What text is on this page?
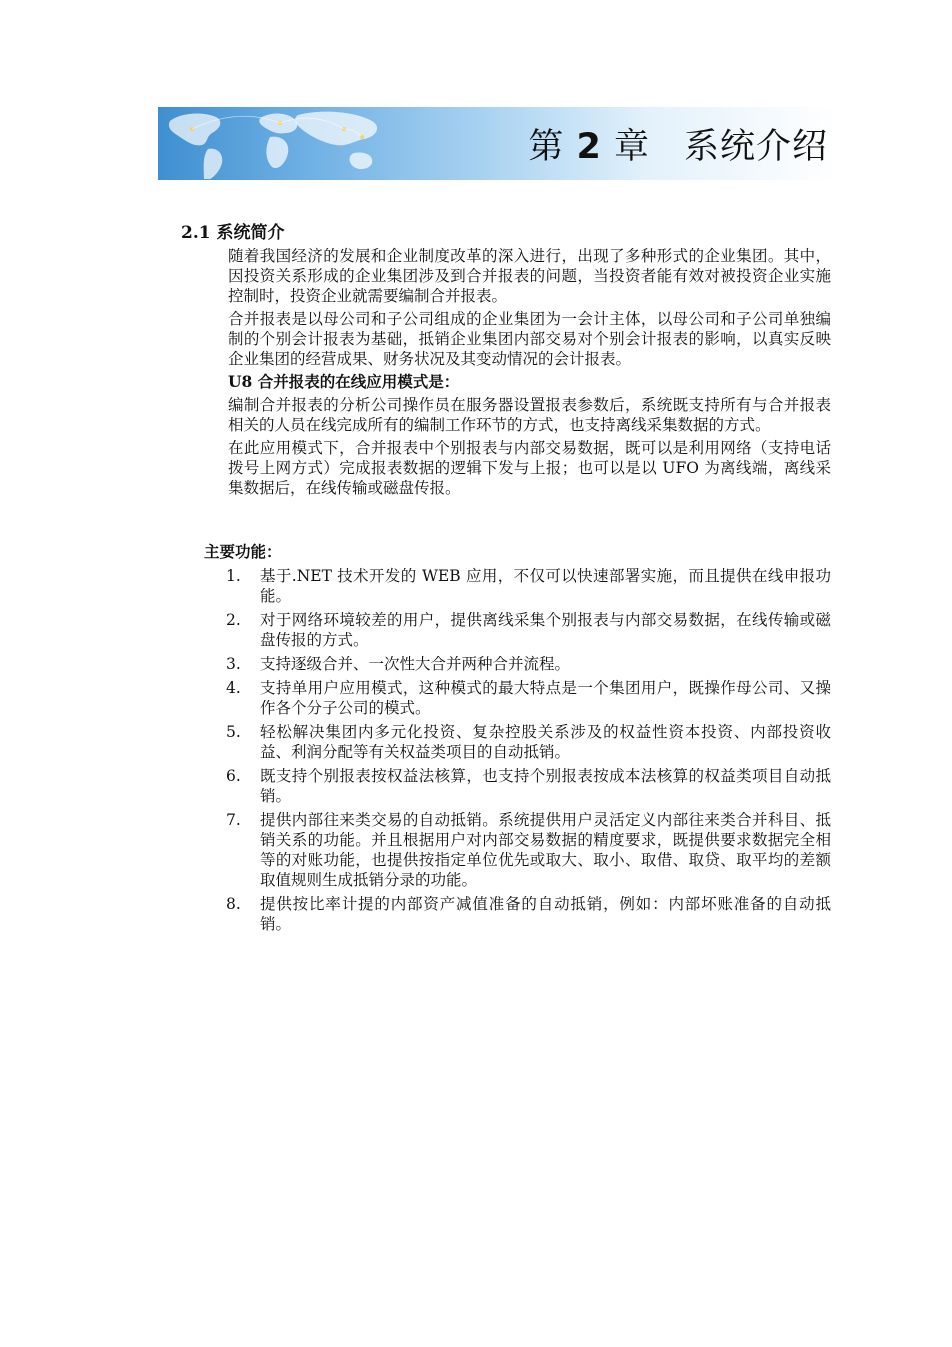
第 2 章 系统介绍
2.1 系统简介

随着我国经济的发展和企业制度改革的深入进行，出现了多种形式的企业集团。其中，因投资关系形成的企业集团涉及到合并报表的问题，当投资者能有效对被投资企业实施控制时，投资企业就需要编制合并报表。

合并报表是以母公司和子公司组成的企业集团为一会计主体，以母公司和子公司单独编制的个别会计报表为基础，抵销企业集团内部交易对个别会计报表的影响，以真实反映企业集团的经营成果、财务状况及其变动情况的会计报表。

U8 合并报表的在线应用模式是：

编制合并报表的分析公司操作员在服务器设置报表参数后，系统既支持所有与合并报表相关的人员在线完成所有的编制工作环节的方式，也支持离线采集数据的方式。

在此应用模式下，合并报表中个别报表与内部交易数据，既可以是利用网络（支持电话拨号上网方式）完成报表数据的逻辑下发与上报；也可以是以 UFO 为离线端，离线采集数据后，在线传输或磁盘传报。

主要功能：
1.	基于.NET 技术开发的 WEB 应用，不仅可以快速部署实施，而且提供在线申报功能。
2.	对于网络环境较差的用户，提供离线采集个别报表与内部交易数据，在线传输或磁盘传报的方式。
3.	支持逐级合并、一次性大合并两种合并流程。
4.	支持单用户应用模式，这种模式的最大特点是一个集团用户，既操作母公司、又操作各个分子公司的模式。
5.	轻松解决集团内多元化投资、复杂控股关系涉及的权益性资本投资、内部投资收益、利润分配等有关权益类项目的自动抵销。
6.	既支持个别报表按权益法核算，也支持个别报表按成本法核算的权益类项目自动抵销。
7.	提供内部往来类交易的自动抵销。系统提供用户灵活定义内部往来类合并科目、抵销关系的功能。并且根据用户对内部交易数据的精度要求，既提供要求数据完全相等的对账功能，也提供按指定单位优先或取大、取小、取借、取贷、取平均的差额取值规则生成抵销分录的功能。
8.	提供按比率计提的内部资产减值准备的自动抵销，例如：内部坏账准备的自动抵销。
